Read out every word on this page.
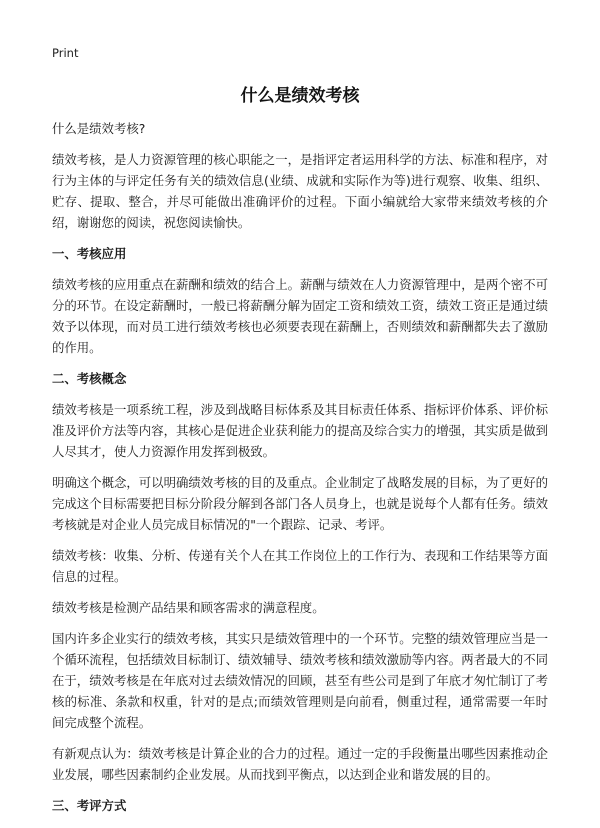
Print
什么是绩效考核
什么是绩效考核?

绩效考核，是人力资源管理的核心职能之一，是指评定者运用科学的方法、标准和程序，对行为主体的与评定任务有关的绩效信息(业绩、成就和实际作为等)进行观察、收集、组织、贮存、提取、整合，并尽可能做出准确评价的过程。下面小编就给大家带来绩效考核的介绍，谢谢您的阅读，祝您阅读愉快。

一、考核应用

绩效考核的应用重点在薪酬和绩效的结合上。薪酬与绩效在人力资源管理中，是两个密不可分的环节。在设定薪酬时，一般已将薪酬分解为固定工资和绩效工资，绩效工资正是通过绩效予以体现，而对员工进行绩效考核也必须要表现在薪酬上，否则绩效和薪酬都失去了激励的作用。

二、考核概念

绩效考核是一项系统工程，涉及到战略目标体系及其目标责任体系、指标评价体系、评价标准及评价方法等内容，其核心是促进企业获利能力的提高及综合实力的增强，其实质是做到人尽其才，使人力资源作用发挥到极致。

明确这个概念，可以明确绩效考核的目的及重点。企业制定了战略发展的目标，为了更好的完成这个目标需要把目标分阶段分解到各部门各人员身上，也就是说每个人都有任务。绩效考核就是对企业人员完成目标情况的"一个跟踪、记录、考评。

绩效考核：收集、分析、传递有关个人在其工作岗位上的工作行为、表现和工作结果等方面信息的过程。

绩效考核是检测产品结果和顾客需求的满意程度。

国内许多企业实行的绩效考核，其实只是绩效管理中的一个环节。完整的绩效管理应当是一个循环流程，包括绩效目标制订、绩效辅导、绩效考核和绩效激励等内容。两者最大的不同在于，绩效考核是在年底对过去绩效情况的回顾，甚至有些公司是到了年底才匆忙制订了考核的标准、条款和权重，针对的是点;而绩效管理则是向前看，侧重过程，通常需要一年时间完成整个流程。

有新观点认为：绩效考核是计算企业的合力的过程。通过一定的手段衡量出哪些因素推动企业发展，哪些因素制约企业发展。从而找到平衡点，以达到企业和谐发展的目的。

三、考评方式
